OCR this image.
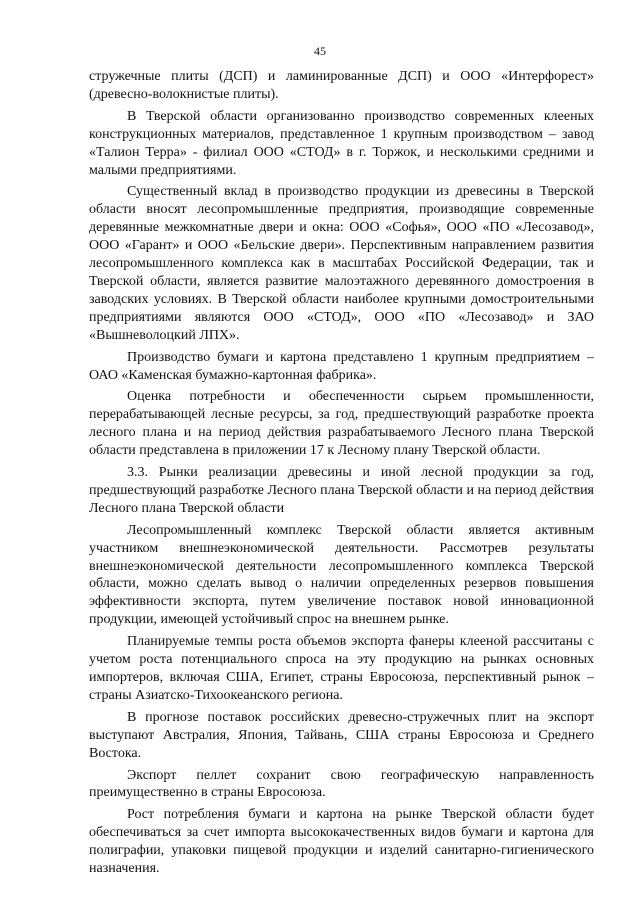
45

стружечные плиты (ДСП) и ламинированные ДСП) и ООО «Интерфорест» (древесно-волокнистые плиты).

В Тверской области организованно производство современных клееных конструкционных материалов, представленное 1 крупным производством – завод «Талион Терра» - филиал ООО «СТОД» в г. Торжок, и несколькими средними и малыми предприятиями.

Существенный вклад в производство продукции из древесины в Тверской области вносят лесопромышленные предприятия, производящие современные деревянные межкомнатные двери и окна: ООО «Софья», ООО «ПО «Лесозавод», ООО «Гарант» и ООО «Бельские двери». Перспективным направлением развития лесопромышленного комплекса как в масштабах Российской Федерации, так и Тверской области, является развитие малоэтажного деревянного домостроения в заводских условиях. В Тверской области наиболее крупными домостроительными предприятиями являются ООО «СТОД», ООО «ПО «Лесозавод» и ЗАО «Вышневолоцкий ЛПХ».

Производство бумаги и картона представлено 1 крупным предприятием – ОАО «Каменская бумажно-картонная фабрика».

Оценка потребности и обеспеченности сырьем промышленности, перерабатывающей лесные ресурсы, за год, предшествующий разработке проекта лесного плана и на период действия разрабатываемого Лесного плана Тверской области представлена в приложении 17 к Лесному плану Тверской области.

3.3. Рынки реализации древесины и иной лесной продукции за год, предшествующий разработке Лесного плана Тверской области и на период действия Лесного плана Тверской области

Лесопромышленный комплекс Тверской области является активным участником внешнеэкономической деятельности. Рассмотрев результаты внешнеэкономической деятельности лесопромышленного комплекса Тверской области, можно сделать вывод о наличии определенных резервов повышения эффективности экспорта, путем увеличение поставок новой инновационной продукции, имеющей устойчивый спрос на внешнем рынке.

Планируемые темпы роста объемов экспорта фанеры клееной рассчитаны с учетом роста потенциального спроса на эту продукцию на рынках основных импортеров, включая США, Египет, страны Евросоюза, перспективный рынок – страны Азиатско-Тихоокеанского региона.

В прогнозе поставок российских древесно-стружечных плит на экспорт выступают Австралия, Япония, Тайвань, США страны Евросоюза и Среднего Востока.

Экспорт пеллет сохранит свою географическую направленность преимущественно в страны Евросоюза.

Рост потребления бумаги и картона на рынке Тверской области будет обеспечиваться за счет импорта высококачественных видов бумаги и картона для полиграфии, упаковки пищевой продукции и изделий санитарно-гигиенического назначения.
